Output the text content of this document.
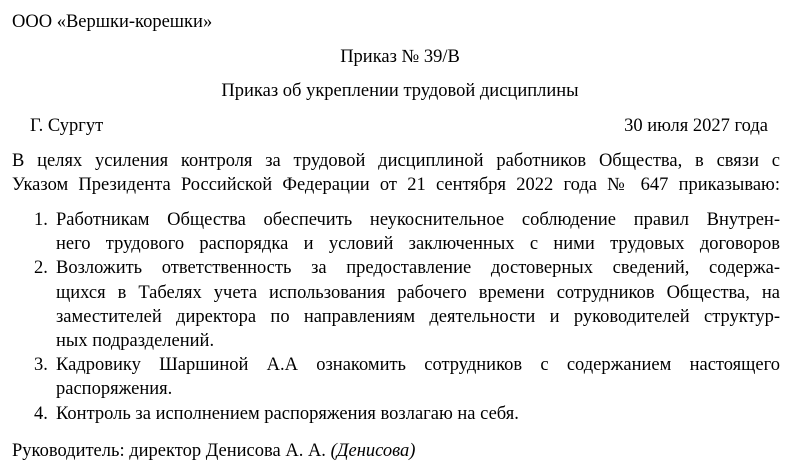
ООО «Вершки-корешки»
Приказ № 39/В
Приказ об укреплении трудовой дисциплины
Г. Сургут	30 июля 2027 года
В целях усиления контроля за трудовой дисциплиной работников Общества, в связи с
Указом Президента Российской Федерации от 21 сентября 2022 года № 647 приказываю:
1. Работникам Общества обеспечить неукоснительное соблюдение правил Внутрен-
него трудового распорядка и условий заключенных с ними трудовых договоров
2. Возложить ответственность за предоставление достоверных сведений, содержа-
щихся в Табелях учета использования рабочего времени сотрудников Общества, на
заместителей директора по направлениям деятельности и руководителей структур-
ных подразделений.
3. Кадровику Шаршиной А.А ознакомить сотрудников с содержанием настоящего
распоряжения.
4. Контроль за исполнением распоряжения возлагаю на себя.
Руководитель: директор Денисова А. А. (Денисова)
